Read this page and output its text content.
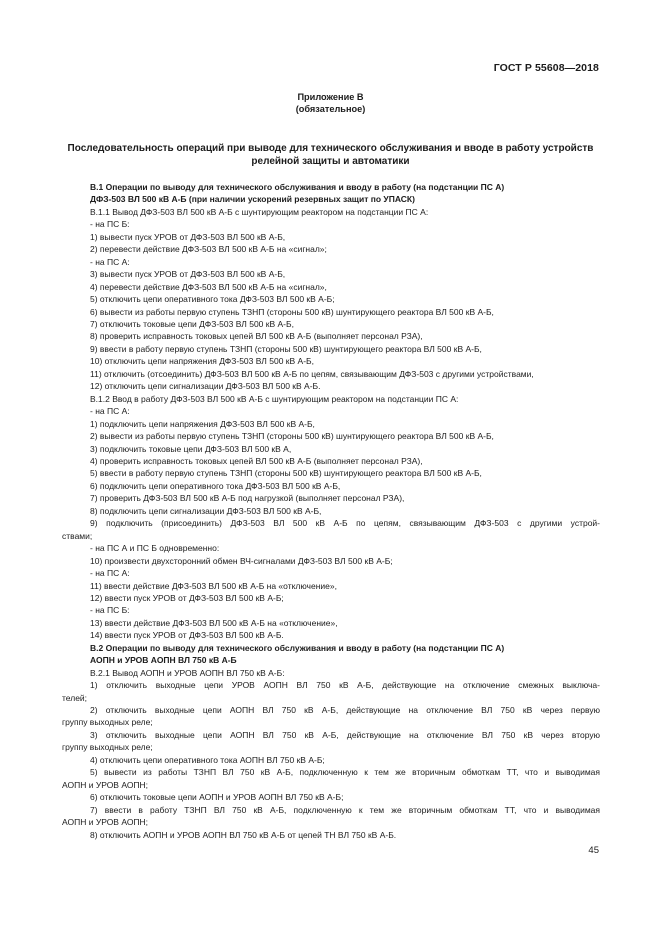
ГОСТ Р 55608—2018
Приложение В
(обязательное)
Последовательность операций при выводе для технического обслуживания и вводе в работу устройств релейной защиты и автоматики
В.1 Операции по выводу для технического обслуживания и вводу в работу (на подстанции ПС А)
ДФЗ-503 ВЛ 500 кВ А-Б (при наличии ускорений резервных защит по УПАСК)
В.1.1 Вывод ДФЗ-503 ВЛ 500 кВ А-Б с шунтирующим реактором на подстанции ПС А:
- на ПС Б:
1) вывести пуск УРОВ от ДФЗ-503 ВЛ 500 кВ А-Б,
2) перевести действие ДФЗ-503 ВЛ 500 кВ А-Б на «сигнал»;
- на ПС А:
3) вывести пуск УРОВ от ДФЗ-503 ВЛ 500 кВ А-Б,
4) перевести действие ДФЗ-503 ВЛ 500 кВ А-Б на «сигнал»,
5) отключить цепи оперативного тока ДФЗ-503 ВЛ 500 кВ А-Б;
6) вывести из работы первую ступень ТЗНП (стороны 500 кВ) шунтирующего реактора ВЛ 500 кВ А-Б,
7) отключить токовые цепи ДФЗ-503 ВЛ 500 кВ А-Б,
8) проверить исправность токовых цепей ВЛ 500 кВ А-Б (выполняет персонал РЗА),
9) ввести в работу первую ступень ТЗНП (стороны 500 кВ) шунтирующего реактора ВЛ 500 кВ А-Б,
10) отключить цепи напряжения ДФЗ-503 ВЛ 500 кВ А-Б,
11) отключить (отсоединить) ДФЗ-503 ВЛ 500 кВ А-Б по цепям, связывающим ДФЗ-503 с другими устройствами,
12) отключить цепи сигнализации ДФЗ-503 ВЛ 500 кВ А-Б.
В.1.2 Ввод в работу ДФЗ-503 ВЛ 500 кВ А-Б с шунтирующим реактором на подстанции ПС А:
- на ПС А:
1) подключить цепи напряжения ДФЗ-503 ВЛ 500 кВ А-Б,
2) вывести из работы первую ступень ТЗНП (стороны 500 кВ) шунтирующего реактора ВЛ 500 кВ А-Б,
3) подключить токовые цепи ДФЗ-503 ВЛ 500 кВ А,
4) проверить исправность токовых цепей ВЛ 500 кВ А-Б (выполняет персонал РЗА),
5) ввести в работу первую ступень ТЗНП (стороны 500 кВ) шунтирующего реактора ВЛ 500 кВ А-Б,
6) подключить цепи оперативного тока ДФЗ-503 ВЛ 500 кВ А-Б,
7) проверить ДФЗ-503 ВЛ 500 кВ А-Б под нагрузкой (выполняет персонал РЗА),
8) подключить цепи сигнализации ДФЗ-503 ВЛ 500 кВ А-Б,
9) подключить (присоединить) ДФЗ-503 ВЛ 500 кВ А-Б по цепям, связывающим ДФЗ-503 с другими устрой-
ствами;
- на ПС А и ПС Б одновременно:
10) произвести двухсторонний обмен ВЧ-сигналами ДФЗ-503 ВЛ 500 кВ А-Б;
- на ПС А:
11) ввести действие ДФЗ-503 ВЛ 500 кВ А-Б на «отключение»,
12) ввести пуск УРОВ от ДФЗ-503 ВЛ 500 кВ А-Б;
- на ПС Б:
13) ввести действие ДФЗ-503 ВЛ 500 кВ А-Б на «отключение»,
14) ввести пуск УРОВ от ДФЗ-503 ВЛ 500 кВ А-Б.
В.2 Операции по выводу для технического обслуживания и вводу в работу (на подстанции ПС А)
АОПН и УРОВ АОПН ВЛ 750 кВ А-Б
В.2.1 Вывод АОПН и УРОВ АОПН ВЛ 750 кВ А-Б:
1) отключить выходные цепи УРОВ АОПН ВЛ 750 кВ А-Б, действующие на отключение смежных выключа-
телей;
2) отключить выходные цепи АОПН ВЛ 750 кВ А-Б, действующие на отключение ВЛ 750 кВ через первую
группу выходных реле;
3) отключить выходные цепи АОПН ВЛ 750 кВ А-Б, действующие на отключение ВЛ 750 кВ через вторую
группу выходных реле;
4) отключить цепи оперативного тока АОПН ВЛ 750 кВ А-Б;
5) вывести из работы ТЗНП ВЛ 750 кВ А-Б, подключенную к тем же вторичным обмоткам ТТ, что и выводимая
АОПН и УРОВ АОПН;
6) отключить токовые цепи АОПН и УРОВ АОПН ВЛ 750 кВ А-Б;
7) ввести в работу ТЗНП ВЛ 750 кВ А-Б, подключенную к тем же вторичным обмоткам ТТ, что и выводимая
АОПН и УРОВ АОПН;
8) отключить АОПН и УРОВ АОПН ВЛ 750 кВ А-Б от цепей ТН ВЛ 750 кВ А-Б.
45
